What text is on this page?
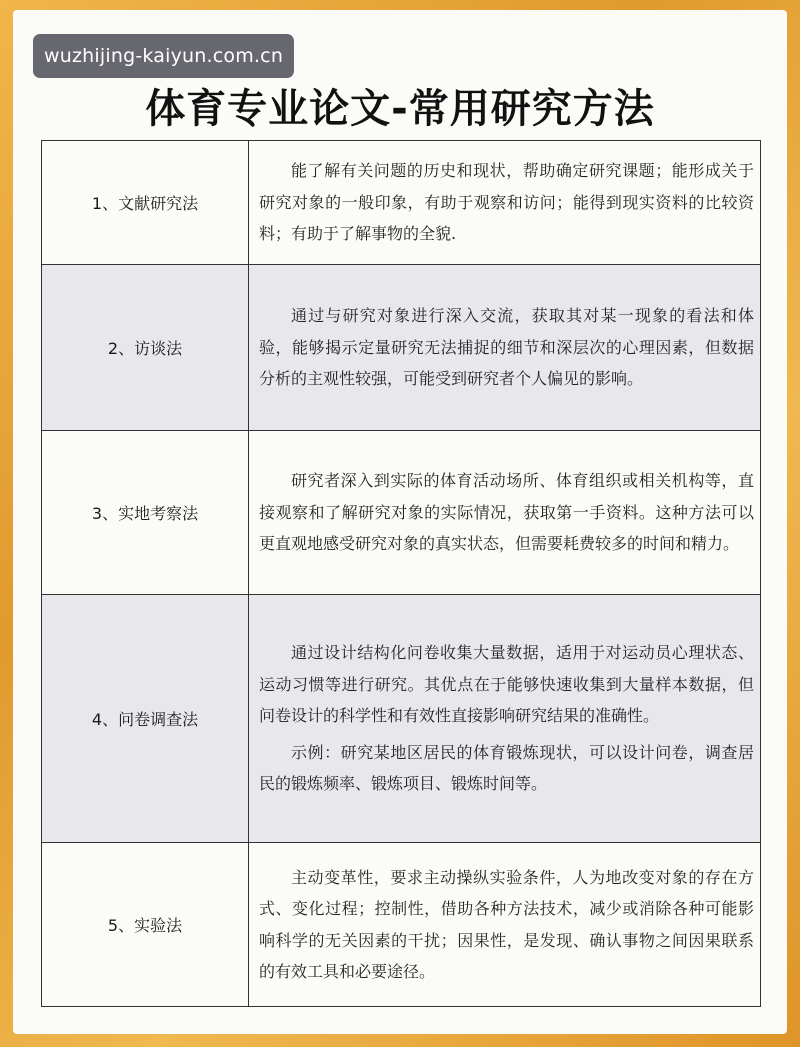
wuzhijing-kaiyun.com.cn
体育专业论文-常用研究方法
1、文献研究法	能了解有关问题的历史和现状，帮助确定研究课题；能形成关于研究对象的一般印象，有助于观察和访问；能得到现实资料的比较资料；有助于了解事物的全貌.

2、访谈法	通过与研究对象进行深入交流，获取其对某一现象的看法和体验，能够揭示定量研究无法捕捉的细节和深层次的心理因素，但数据分析的主观性较强，可能受到研究者个人偏见的影响。

3、实地考察法	研究者深入到实际的体育活动场所、体育组织或相关机构等，直接观察和了解研究对象的实际情况，获取第一手资料。这种方法可以更直观地感受研究对象的真实状态，但需要耗费较多的时间和精力。

4、问卷调查法	通过设计结构化问卷收集大量数据，适用于对运动员心理状态、运动习惯等进行研究。其优点在于能够快速收集到大量样本数据，但问卷设计的科学性和有效性直接影响研究结果的准确性。

示例：研究某地区居民的体育锻炼现状，可以设计问卷，调查居民的锻炼频率、锻炼项目、锻炼时间等。

5、实验法	主动变革性，要求主动操纵实验条件，人为地改变对象的存在方式、变化过程；控制性，借助各种方法技术，减少或消除各种可能影响科学的无关因素的干扰；因果性，是发现、确认事物之间因果联系的有效工具和必要途径。
